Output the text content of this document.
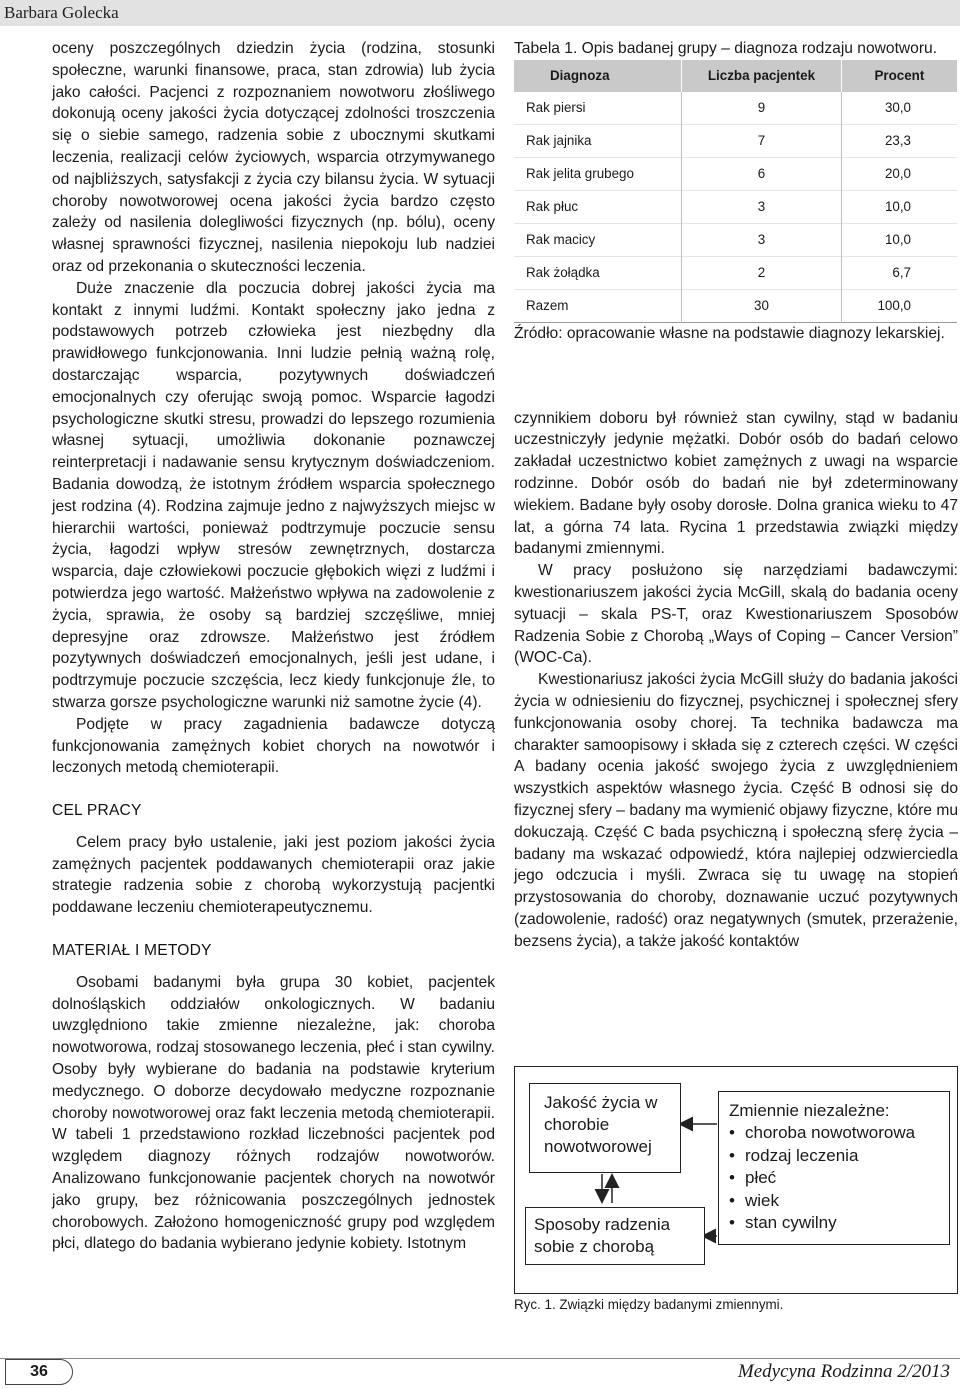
Barbara Golecka

oceny poszczególnych dziedzin życia (rodzina, stosunki społeczne, warunki finansowe, praca, stan zdrowia) lub życia jako całości. Pacjenci z rozpoznaniem nowotworu złośliwego dokonują oceny jakości życia dotyczącej zdolności troszczenia się o siebie samego, radzenia sobie z ubocznymi skutkami leczenia, realizacji celów życiowych, wsparcia otrzymywanego od najbliższych, satysfakcji z życia czy bilansu życia. W sytuacji choroby nowotworowej ocena jakości życia bardzo często zależy od nasilenia dolegliwości fizycznych (np. bólu), oceny własnej sprawności fizycznej, nasilenia niepokoju lub nadziei oraz od przekonania o skuteczności leczenia.

Duże znaczenie dla poczucia dobrej jakości życia ma kontakt z innymi ludźmi. Kontakt społeczny jako jedna z podstawowych potrzeb człowieka jest niezbędny dla prawidłowego funkcjonowania. Inni ludzie pełnią ważną rolę, dostarczając wsparcia, pozytywnych doświadczeń emocjonalnych czy oferując swoją pomoc. Wsparcie łagodzi psychologiczne skutki stresu, prowadzi do lepszego rozumienia własnej sytuacji, umożliwia dokonanie poznawczej reinterpretacji i nadawanie sensu krytycznym doświadczeniom. Badania dowodzą, że istotnym źródłem wsparcia społecznego jest rodzina (4). Rodzina zajmuje jedno z najwyższych miejsc w hierarchii wartości, ponieważ podtrzymuje poczucie sensu życia, łagodzi wpływ stresów zewnętrznych, dostarcza wsparcia, daje człowiekowi poczucie głębokich więzi z ludźmi i potwierdza jego wartość. Małżeństwo wpływa na zadowolenie z życia, sprawia, że osoby są bardziej szczęśliwe, mniej depresyjne oraz zdrowsze. Małżeństwo jest źródłem pozytywnych doświadczeń emocjonalnych, jeśli jest udane, i podtrzymuje poczucie szczęścia, lecz kiedy funkcjonuje źle, to stwarza gorsze psychologiczne warunki niż samotne życie (4).

Podjęte w pracy zagadnienia badawcze dotyczą funkcjonowania zamężnych kobiet chorych na nowotwór i leczonych metodą chemioterapii.

CEL PRACY

Celem pracy było ustalenie, jaki jest poziom jakości życia zamężnych pacjentek poddawanych chemioterapii oraz jakie strategie radzenia sobie z chorobą wykorzystują pacjentki poddawane leczeniu chemioterapeutycznemu.

MATERIAŁ I METODY

Osobami badanymi była grupa 30 kobiet, pacjentek dolnośląskich oddziałów onkologicznych. W badaniu uwzględniono takie zmienne niezależne, jak: choroba nowotworowa, rodzaj stosowanego leczenia, płeć i stan cywilny. Osoby były wybierane do badania na podstawie kryterium medycznego. O doborze decydowało medyczne rozpoznanie choroby nowotworowej oraz fakt leczenia metodą chemioterapii. W tabeli 1 przedstawiono rozkład liczebności pacjentek pod względem diagnozy różnych rodzajów nowotworów. Analizowano funkcjonowanie pacjentek chorych na nowotwór jako grupy, bez różnicowania poszczególnych jednostek chorobowych. Założono homogeniczność grupy pod względem płci, dlatego do badania wybierano jedynie kobiety. Istotnym

Tabela 1. Opis badanej grupy – diagnoza rodzaju nowotworu.

Diagnoza	Liczba pacjentek	Procent
Rak piersi	9	30,0
Rak jajnika	7	23,3
Rak jelita grubego	6	20,0
Rak płuc	3	10,0
Rak macicy	3	10,0
Rak żołądka	2	6,7
Razem	30	100,0

Źródło: opracowanie własne na podstawie diagnozy lekarskiej.

czynnikiem doboru był również stan cywilny, stąd w badaniu uczestniczyły jedynie mężatki. Dobór osób do badań celowo zakładał uczestnictwo kobiet zamężnych z uwagi na wsparcie rodzinne. Dobór osób do badań nie był zdeterminowany wiekiem. Badane były osoby dorosłe. Dolna granica wieku to 47 lat, a górna 74 lata. Rycina 1 przedstawia związki między badanymi zmiennymi.

W pracy posłużono się narzędziami badawczymi: kwestionariuszem jakości życia McGill, skalą do badania oceny sytuacji – skala PS-T, oraz Kwestionariuszem Sposobów Radzenia Sobie z Chorobą „Ways of Coping – Cancer Version” (WOC-Ca).

Kwestionariusz jakości życia McGill służy do badania jakości życia w odniesieniu do fizycznej, psychicznej i społecznej sfery funkcjonowania osoby chorej. Ta technika badawcza ma charakter samoopisowy i składa się z czterech części. W części A badany ocenia jakość swojego życia z uwzględnieniem wszystkich aspektów własnego życia. Część B odnosi się do fizycznej sfery – badany ma wymienić objawy fizyczne, które mu dokuczają. Część C bada psychiczną i społeczną sferę życia – badany ma wskazać odpowiedź, która najlepiej odzwierciedla jego odczucia i myśli. Zwraca się tu uwagę na stopień przystosowania do choroby, doznawanie uczuć pozytywnych (zadowolenie, radość) oraz negatywnych (smutek, przerażenie, bezsens życia), a także jakość kontaktów

Jakość życia w chorobie nowotworowej
Sposoby radzenia sobie z chorobą
Zmiennie niezależne:
• choroba nowotworowa
• rodzaj leczenia
• płeć
• wiek
• stan cywilny
Ryc. 1. Związki między badanymi zmiennymi.
36	Medycyna Rodzinna 2/2013
